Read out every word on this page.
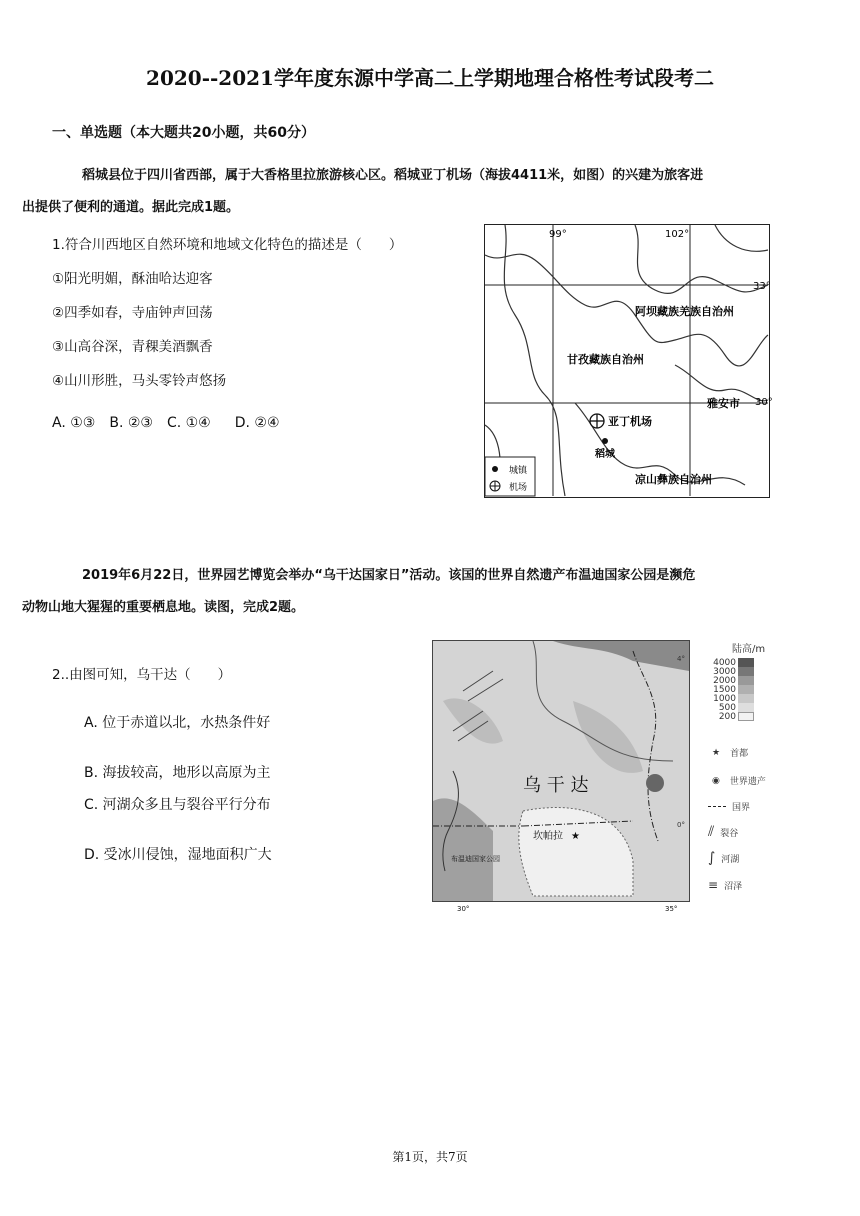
2020--2021学年度东源中学高二上学期地理合格性考试段考二
一、单选题（本大题共20小题，共60分）
稻城县位于四川省西部，属于大香格里拉旅游核心区。稻城亚丁机场（海拔4411米，如图）的兴建为旅客进
出提供了便利的通道。据此完成1题。
1.符合川西地区自然环境和地域文化特色的描述是（　　）
①阳光明媚，酥油哈达迎客
②四季如春，寺庙钟声回荡
③山高谷深，青稞美酒飘香
④山川形胜，马头零铃声悠扬
A. ①③ B. ②③ C. ①④ D. ②④
99°	102°
33°
30°
阿坝藏族羌族自治州
甘孜藏族自治州
雅安市
凉山彝族自治州
亚丁机场
稻城
城镇
机场
2019年6月22日，世界园艺博览会举办“乌干达国家日”活动。该国的世界自然遗产布温迪国家公园是濒危
动物山地大猩猩的重要栖息地。读图，完成2题。
2..由图可知，乌干达（　　）
A. 位于赤道以北，水热条件好
B. 海拔较高，地形以高原为主
C. 河湖众多且与裂谷平行分布
D. 受冰川侵蚀，湿地面积广大
乌 干 达
坎帕拉 ★
布温迪国家公园
4°
0°
30°	35°
陆高/m
4000
3000
2000
1500
1000
500
200
★ 首都
◉ 世界遗产
国界
⫽ 裂谷
∫ 河湖
≡ 沼泽
第1页，共7页
